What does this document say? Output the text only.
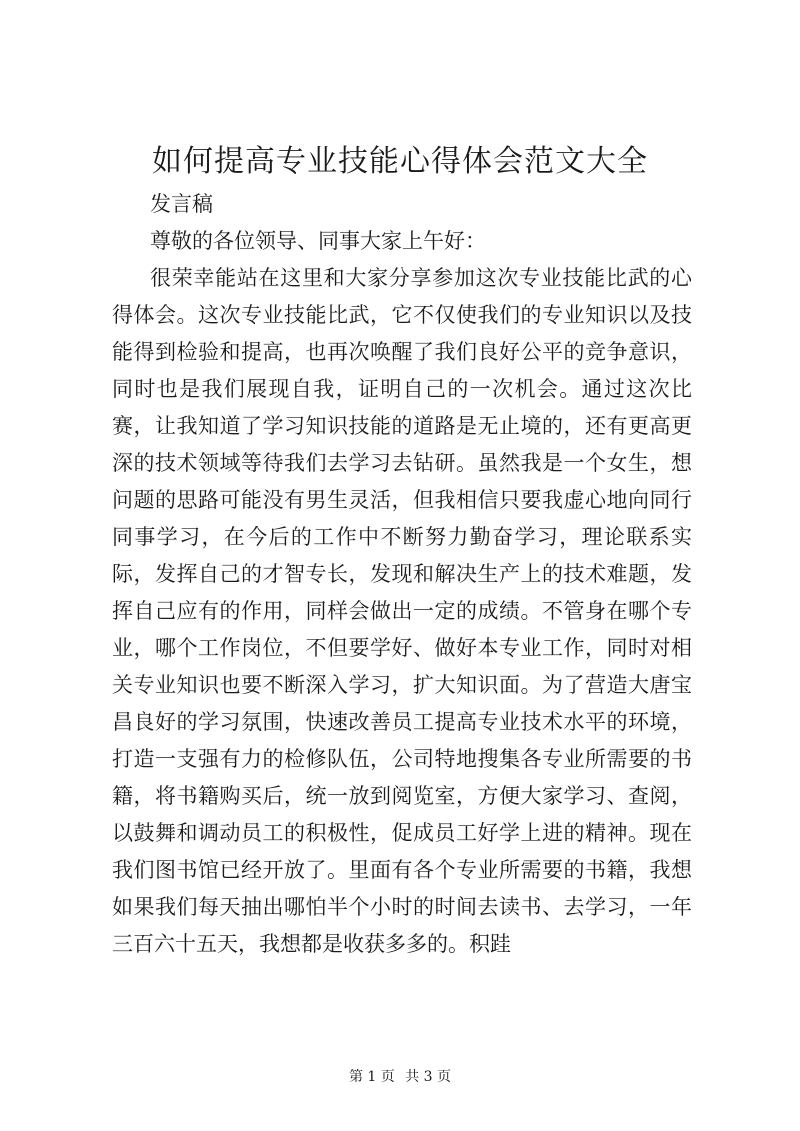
如何提高专业技能心得体会范文大全

发言稿

尊敬的各位领导、同事大家上午好：

很荣幸能站在这里和大家分享参加这次专业技能比武的心得体会。这次专业技能比武，它不仅使我们的专业知识以及技能得到检验和提高，也再次唤醒了我们良好公平的竞争意识，同时也是我们展现自我，证明自己的一次机会。通过这次比赛，让我知道了学习知识技能的道路是无止境的，还有更高更深的技术领域等待我们去学习去钻研。虽然我是一个女生，想问题的思路可能没有男生灵活，但我相信只要我虚心地向同行同事学习，在今后的工作中不断努力勤奋学习，理论联系实际，发挥自己的才智专长，发现和解决生产上的技术难题，发挥自己应有的作用，同样会做出一定的成绩。不管身在哪个专业，哪个工作岗位，不但要学好、做好本专业工作，同时对相关专业知识也要不断深入学习，扩大知识面。为了营造大唐宝昌良好的学习氛围，快速改善员工提高专业技术水平的环境，打造一支强有力的检修队伍，公司特地搜集各专业所需要的书籍，将书籍购买后，统一放到阅览室，方便大家学习、查阅，以鼓舞和调动员工的积极性，促成员工好学上进的精神。现在我们图书馆已经开放了。里面有各个专业所需要的书籍，我想如果我们每天抽出哪怕半个小时的时间去读书、去学习，一年三百六十五天，我想都是收获多多的。积跬

第 1 页 共 3 页
